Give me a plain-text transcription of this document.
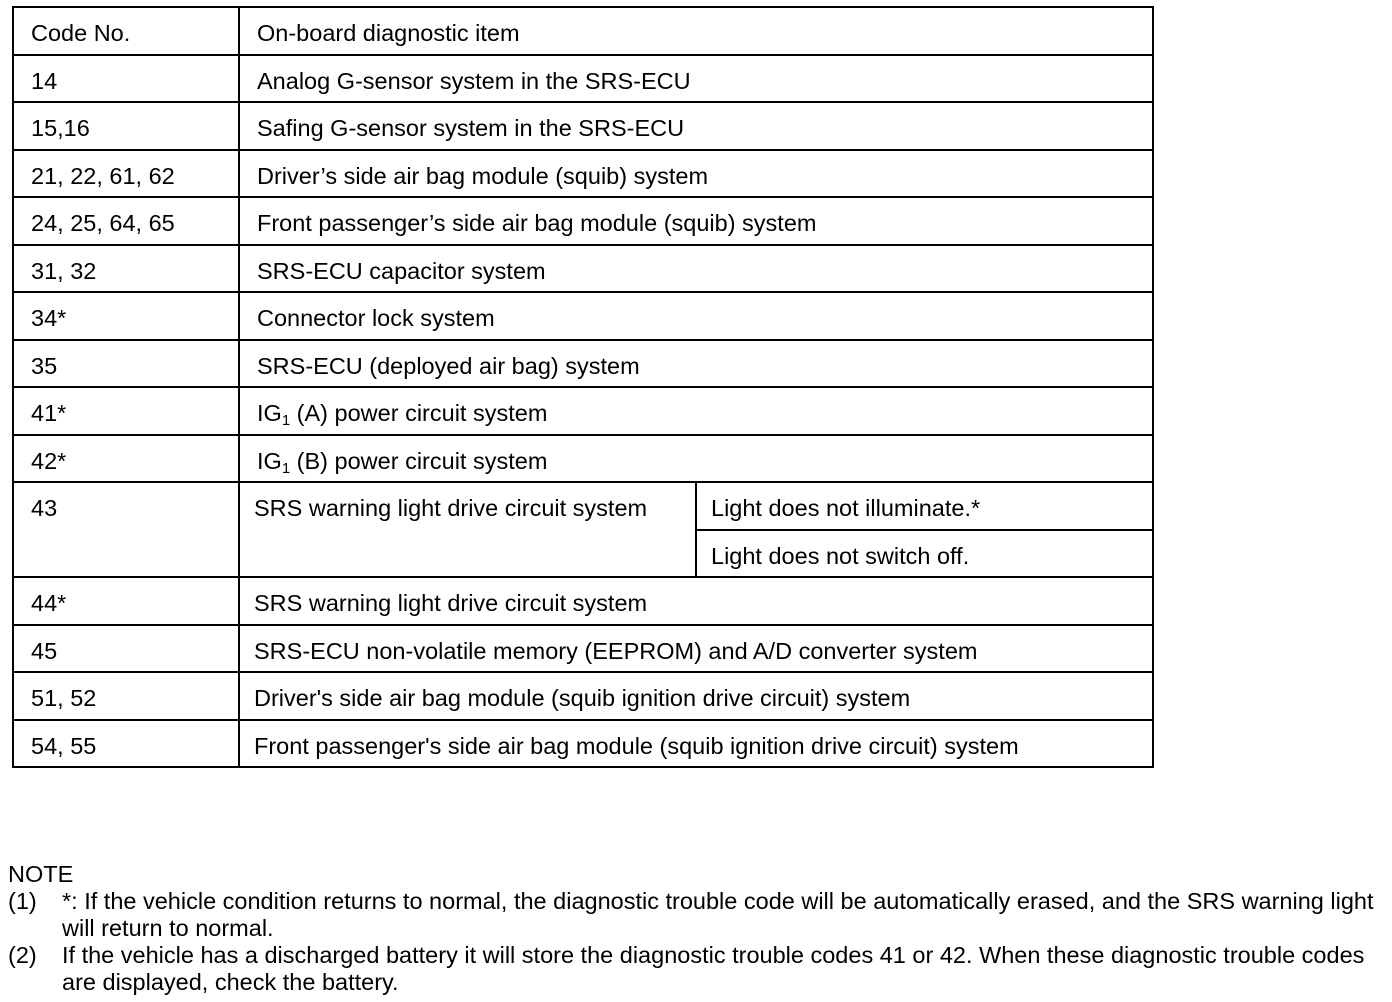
Code No.	On-board diagnostic item	
14	Analog G-sensor system in the SRS-ECU	
15,16	Safing G-sensor system in the SRS-ECU	
21, 22, 61, 62	Driver’s side air bag module (squib) system	
24, 25, 64, 65	Front passenger’s side air bag module (squib) system	
31, 32	SRS-ECU capacitor system	
34*	Connector lock system	
35	SRS-ECU (deployed air bag) system	
41*	$IG_1$ (A) power circuit system	
42*	$IG_1$ (B) power circuit system	
43	SRS warning light drive circuit system	Light does not illuminate.*
		Light does not switch off.
44*	SRS warning light drive circuit system	
45	SRS-ECU non-volatile memory (EEPROM) and A/D converter system	
51, 52	Driver's side air bag module (squib ignition drive circuit) system	
54, 55	Front passenger's side air bag module (squib ignition drive circuit) system	
NOTE
(1) *: If the vehicle condition returns to normal, the diagnostic trouble code will be automatically erased, and the SRS warning light will return to normal.
(2) If the vehicle has a discharged battery it will store the diagnostic trouble codes 41 or 42. When these diagnostic trouble codes are displayed, check the battery.
